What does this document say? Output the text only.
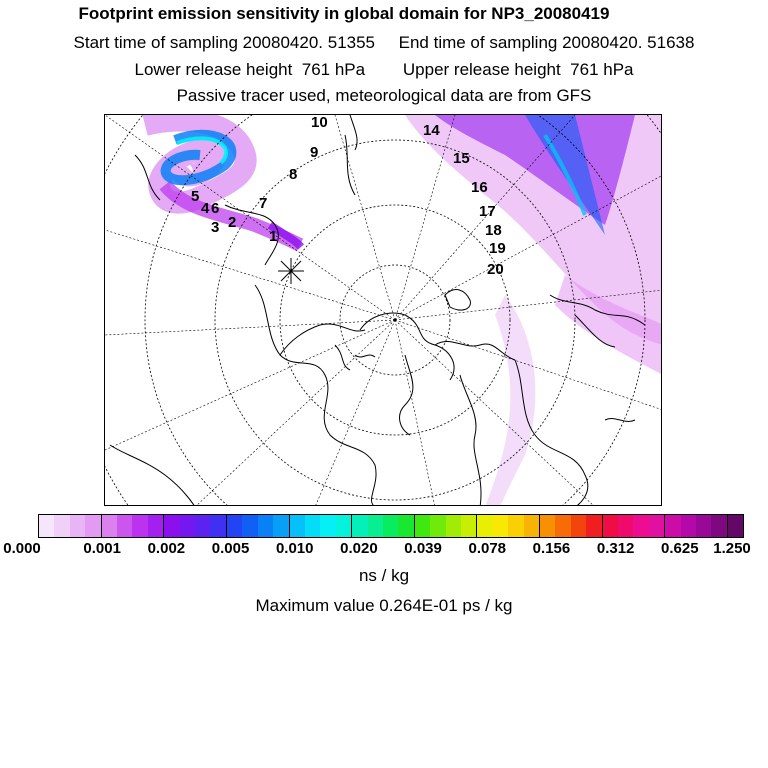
Footprint emission sensitivity in global domain for NP3_20080419
Start time of sampling 20080420. 51355     End time of sampling 20080420. 51638
Lower release height  761 hPa        Upper release height  761 hPa
Passive tracer used, meteorological data are from GFS
10
9
8
7
5
4 6
3 2
1
14
15
16
17
18
19
20
0.000	0.001 0.002 0.005 0.010 0.020 0.039 0.078 0.156 0.312 0.625 1.250
ns / kg
Maximum value 0.264E-01 ps / kg
